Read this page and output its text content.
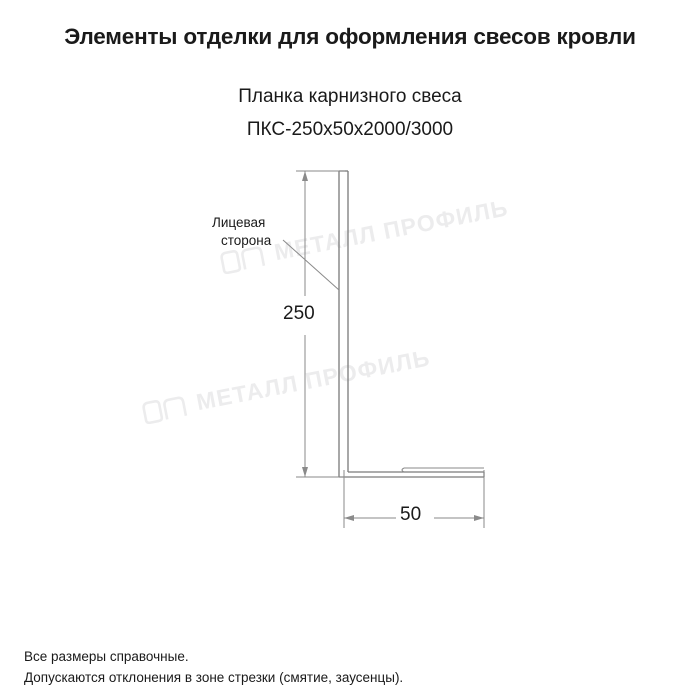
Элементы отделки для оформления свесов кровли
Планка карнизного свеса
ПКС-250х50х2000/3000
МЕТАЛЛ ПРОФИЛЬ
МЕТАЛЛ ПРОФИЛЬ
Лицевая
сторона
250
50
Все размеры справочные.
Допускаются отклонения в зоне стрезки (смятие, заусенцы).
